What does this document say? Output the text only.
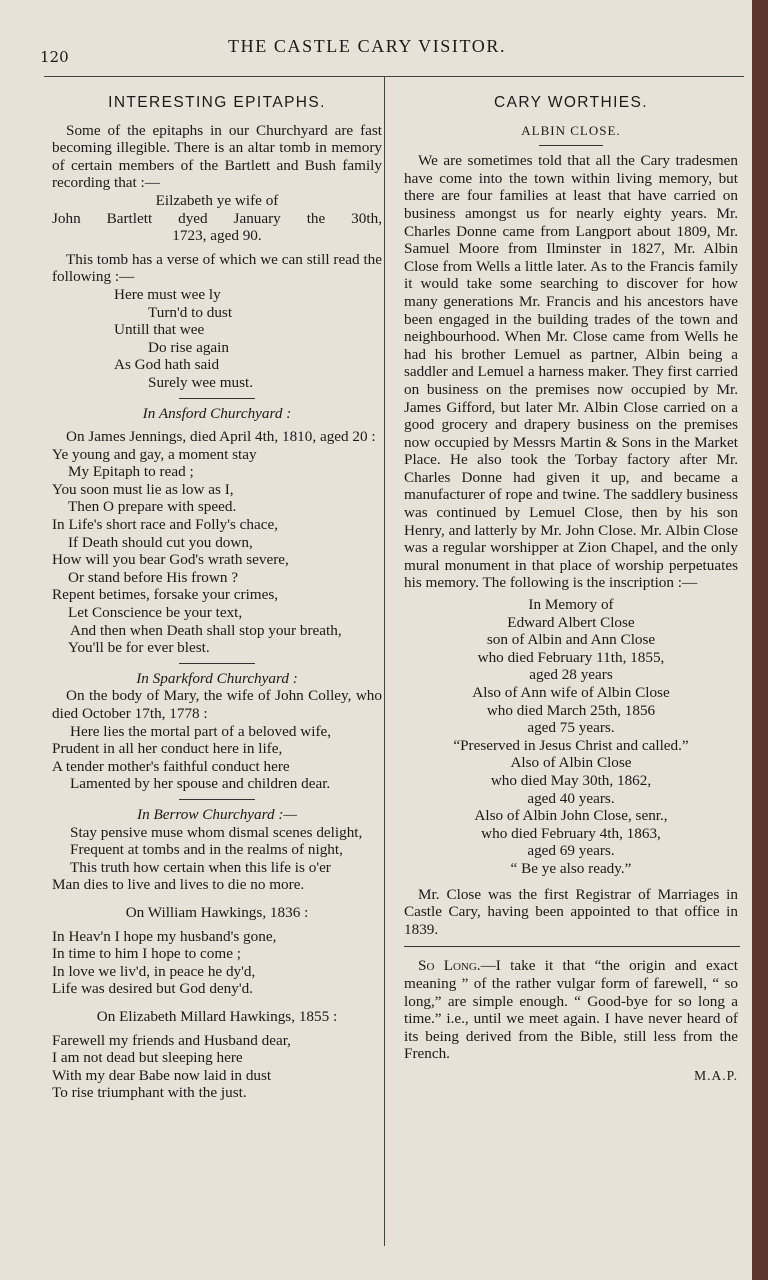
120
THE CASTLE CARY VISITOR.
INTERESTING EPITAPHS.

Some of the epitaphs in our Churchyard are fast becoming illegible. There is an altar tomb in memory of certain members of the Bartlett and Bush family recording that :—

Eilzabeth ye wife of
John Bartlett dyed January the 30th,
1723, aged 90.

This tomb has a verse of which we can still read the following :—

Here must wee ly
Turn'd to dust
Untill that wee
Do rise again
As God hath said
Surely wee must.
In Ansford Churchyard :

On James Jennings, died April 4th, 1810, aged 20 :

Ye young and gay, a moment stay
My Epitaph to read ;
You soon must lie as low as I,
Then O prepare with speed.
In Life's short race and Folly's chace,
If Death should cut you down,
How will you bear God's wrath severe,
Or stand before His frown ?
Repent betimes, forsake your crimes,
Let Conscience be your text,
And then when Death shall stop your breath,
You'll be for ever blest.
In Sparkford Churchyard :

On the body of Mary, the wife of John Colley, who died October 17th, 1778 :

Here lies the mortal part of a beloved wife,
Prudent in all her conduct here in life,
A tender mother's faithful conduct here
Lamented by her spouse and children dear.
In Berrow Churchyard :—
Stay pensive muse whom dismal scenes delight,
Frequent at tombs and in the realms of night,
This truth how certain when this life is o'er
Man dies to live and lives to die no more.
On William Hawkings, 1836 :
In Heav'n I hope my husband's gone,
In time to him I hope to come ;
In love we liv'd, in peace he dy'd,
Life was desired but God deny'd.
On Elizabeth Millard Hawkings, 1855 :
Farewell my friends and Husband dear,
I am not dead but sleeping here
With my dear Babe now laid in dust
To rise triumphant with the just.
CARY WORTHIES.
ALBIN CLOSE.

We are sometimes told that all the Cary tradesmen have come into the town within living memory, but there are four families at least that have carried on business amongst us for nearly eighty years. Mr. Charles Donne came from Langport about 1809, Mr. Samuel Moore from Ilminster in 1827, Mr. Albin Close from Wells a little later. As to the Francis family it would take some searching to discover for how many generations Mr. Francis and his ancestors have been engaged in the building trades of the town and neighbourhood. When Mr. Close came from Wells he had his brother Lemuel as partner, Albin being a saddler and Lemuel a harness maker. They first carried on business on the premises now occupied by Mr. James Gifford, but later Mr. Albin Close carried on a good grocery and drapery business on the premises now occupied by Messrs Martin & Sons in the Market Place. He also took the Torbay factory after Mr. Charles Donne had given it up, and became a manufacturer of rope and twine. The saddlery business was continued by Lemuel Close, then by his son Henry, and latterly by Mr. John Close. Mr. Albin Close was a regular worshipper at Zion Chapel, and the only mural monument in that place of worship perpetuates his memory. The following is the inscription :—

In Memory of
Edward Albert Close
son of Albin and Ann Close
who died February 11th, 1855,
aged 28 years
Also of Ann wife of Albin Close
who died March 25th, 1856
aged 75 years.
“Preserved in Jesus Christ and called.”
Also of Albin Close
who died May 30th, 1862,
aged 40 years.
Also of Albin John Close, senr.,
who died February 4th, 1863,
aged 69 years.
“ Be ye also ready.”

Mr. Close was the first Registrar of Marriages in Castle Cary, having been appointed to that office in 1839.

So Long.—I take it that “the origin and exact meaning ” of the rather vulgar form of farewell, “ so long,” are simple enough. “ Good-bye for so long a time.” i.e., until we meet again. I have never heard of its being derived from the Bible, still less from the French.

M.A.P.
